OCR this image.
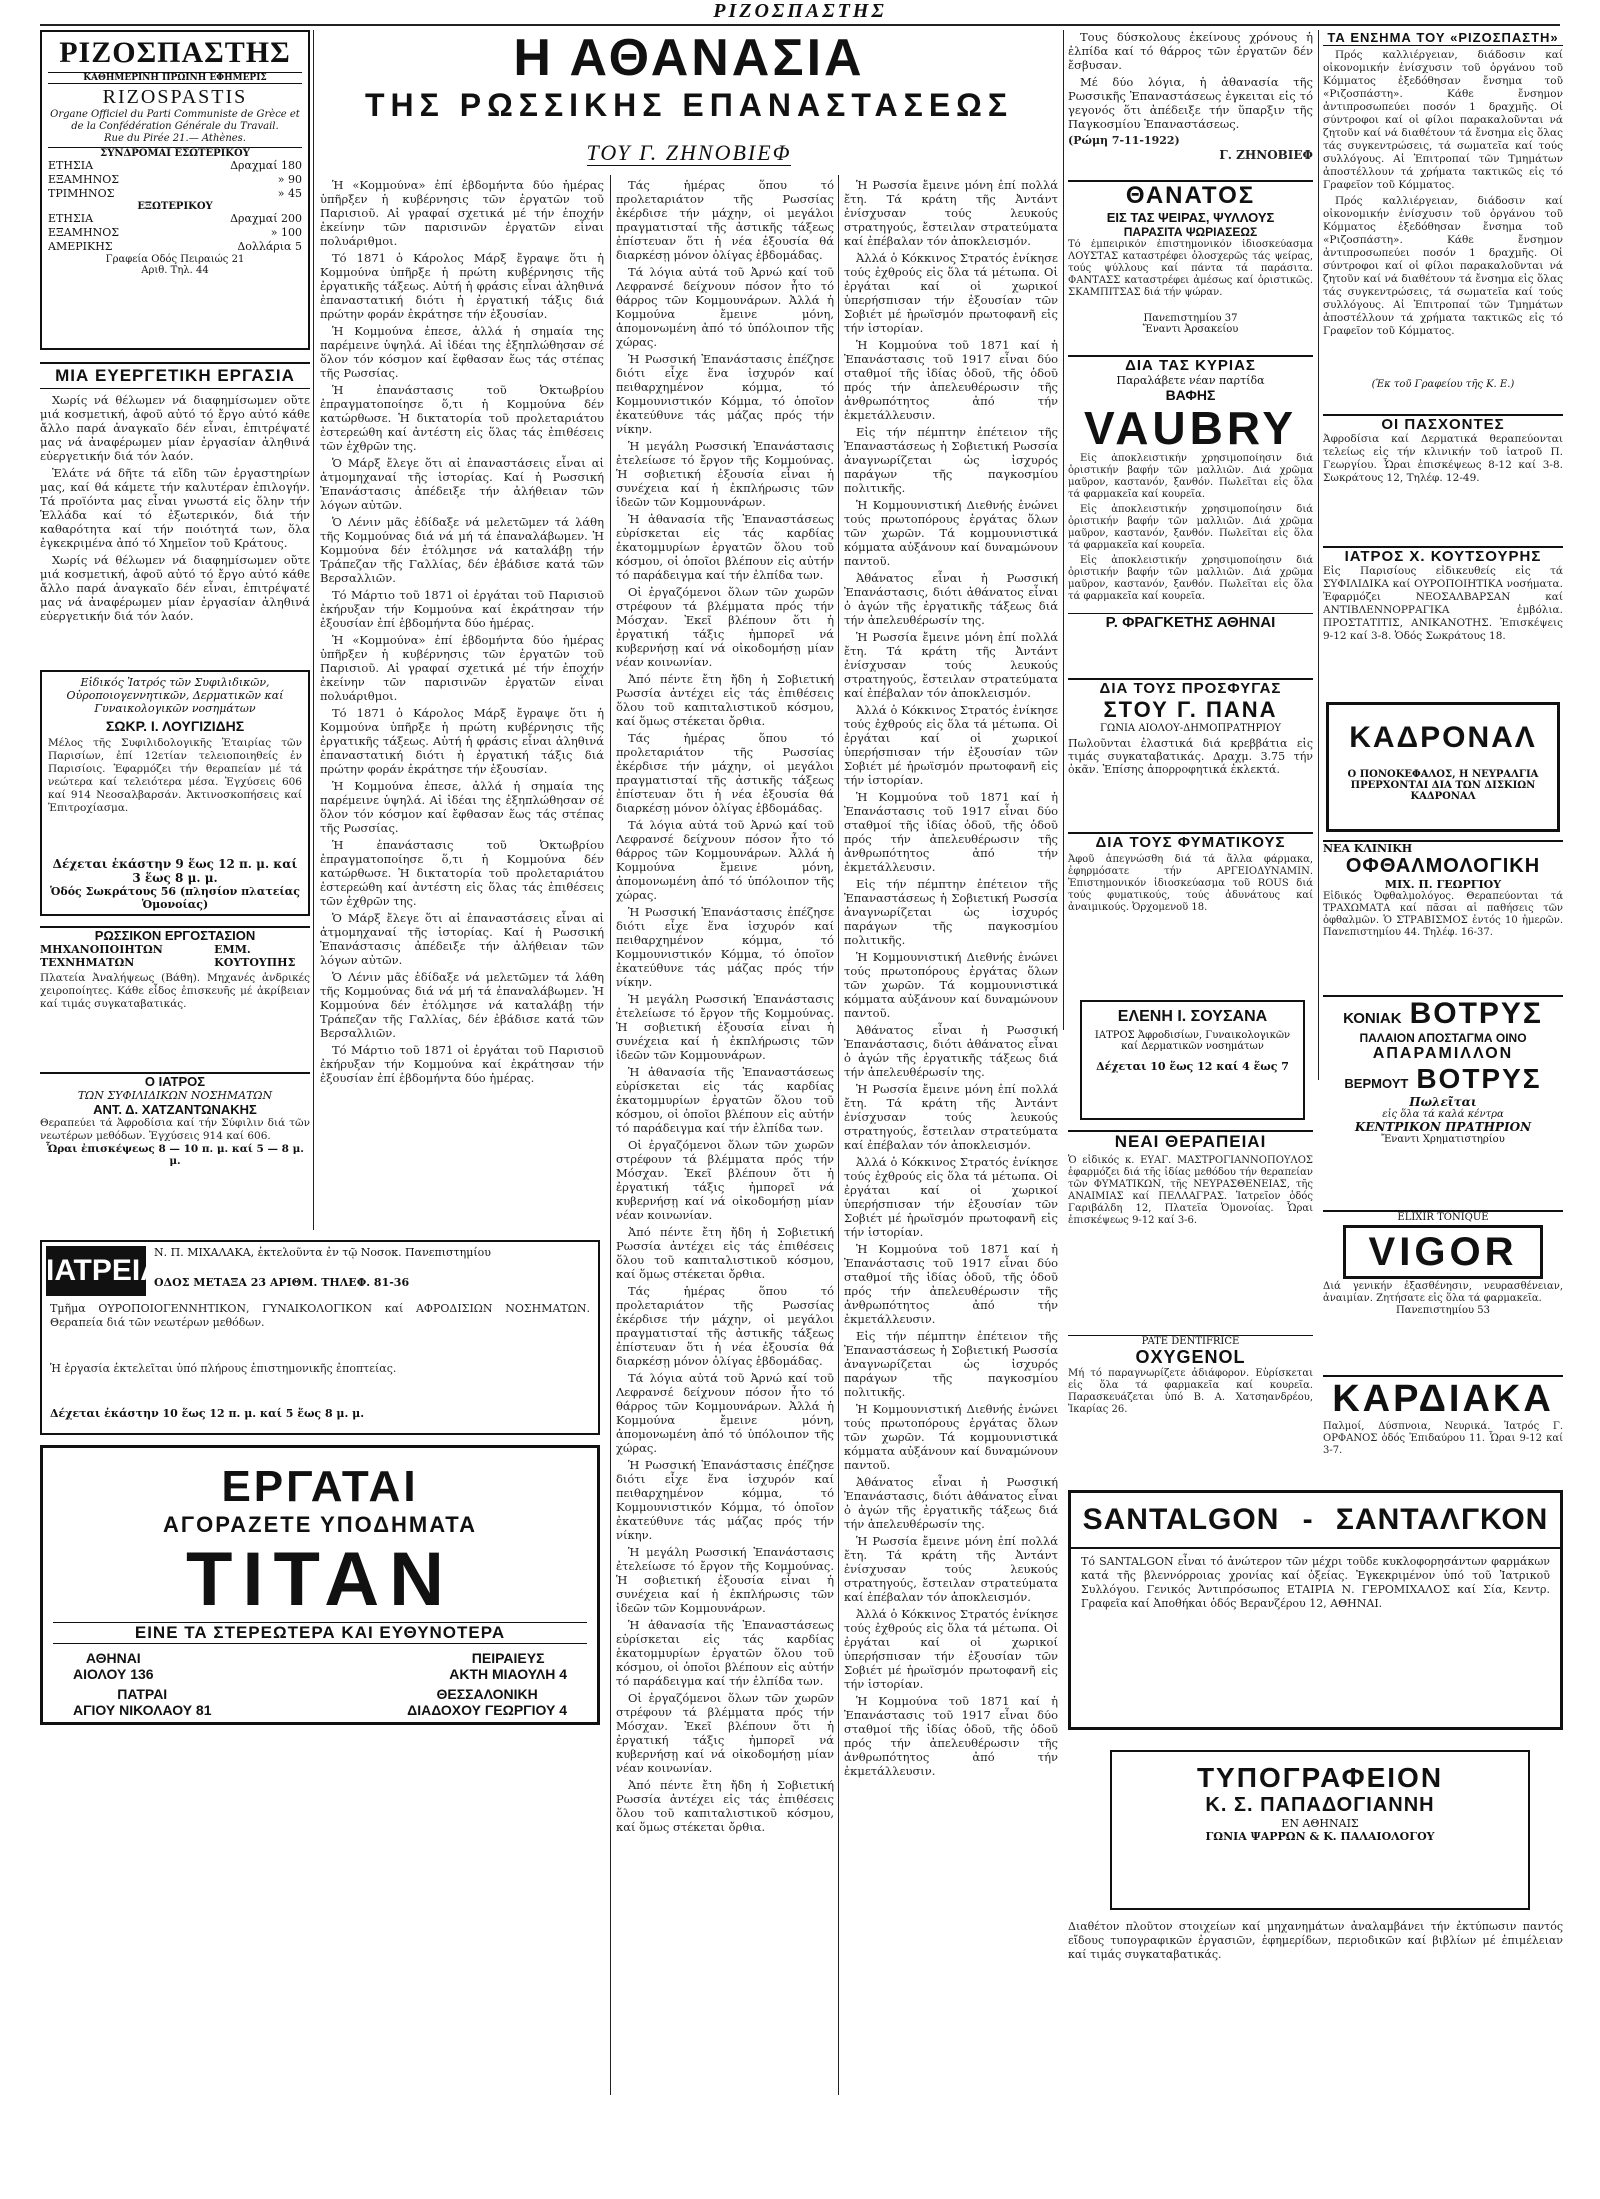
ΡΙΖΟΣΠΑΣΤΗΣ
ΡΙΖΟΣΠΑΣΤΗΣ
ΚΑΘΗΜΕΡΙΝΗ ΠΡΩΙΝΗ ΕΦΗΜΕΡΙΣ
RIZOSPASTIS
Organe Officiel du Parti Communiste de Grèce et de la Confédération Générale du Travail.
Rue du Pirée 21.— Athènes.
ΣΥΝΔΡΟΜΑΙ ΕΣΩΤΕΡΙΚΟΥ
ΕΤΗΣΙΑ	Δραχμαί 180
ΕΞΑΜΗΝΟΣ	» 90
ΤΡΙΜΗΝΟΣ	» 45
ΕΞΩΤΕΡΙΚΟΥ
ΕΤΗΣΙΑ	Δραχμαί 200
ΕΞΑΜΗΝΟΣ	» 100
ΑΜΕΡΙΚΗΣ	Δολλάρια 5
Γραφεία Οδός Πειραιώς 21
Αριθ. Τηλ. 44
ΜΙΑ ΕΥΕΡΓΕΤΙΚΗ ΕΡΓΑΣΙΑ

Χωρίς νά θέλωμεν νά διαφημίσωμεν οὔτε μιά κοσμετική, ἀφοῦ αὐτό τό ἔργο αὐτό κάθε ἄλλο παρά ἀναγκαῖο δέν εἶναι, ἐπιτρέψατέ μας νά ἀναφέρωμεν μίαν ἐργασίαν ἀληθινά εὐεργετικήν διά τόν λαόν.

Ἐλάτε νά δῆτε τά εἴδη τῶν ἐργαστηρίων μας, καί θά κάμετε τήν καλυτέραν ἐπιλογήν. Τά προϊόντα μας εἶναι γνωστά εἰς ὅλην τήν Ἑλλάδα καί τό ἐξωτερικόν, διά τήν καθαρότητα καί τήν ποιότητά των, ὅλα ἐγκεκριμένα ἀπό τό Χημεῖον τοῦ Κράτους.

Χωρίς νά θέλωμεν νά διαφημίσωμεν οὔτε μιά κοσμετική, ἀφοῦ αὐτό τό ἔργο αὐτό κάθε ἄλλο παρά ἀναγκαῖο δέν εἶναι, ἐπιτρέψατέ μας νά ἀναφέρωμεν μίαν ἐργασίαν ἀληθινά εὐεργετικήν διά τόν λαόν.

Εἰδικός Ἰατρός τῶν Συφιλιδικῶν, Οὐροποιογεννητικῶν, Δερματικῶν καί Γυναικολογικῶν νοσημάτων
ΣΩΚΡ. Ι. ΛΟΥΓΙΖΙΔΗΣ
Μέλος τῆς Συφιλιδολογικῆς Ἑταιρίας τῶν Παρισίων, ἐπί 12ετίαν τελειοποιηθείς ἐν Παρισίοις. Ἐφαρμόζει τήν θεραπείαν μέ τά νεώτερα καί τελειότερα μέσα. Ἐγχύσεις 606 καί 914 Νεοσαλβαρσάν. Ἀκτινοσκοπήσεις καί Ἐπιτροχίασμα.
Δέχεται ἑκάστην 9 ἕως 12 π. μ. καί 3 ἕως 8 μ. μ.
Ὁδός Σωκράτους 56 (πλησίον πλατείας Ὁμονοίας)
ΡΩΣΣΙΚΟΝ ΕΡΓΟΣΤΑΣΙΟΝ
ΜΗΧΑΝΟΠΟΙΗΤΩΝ ΤΕΧΝΗΜΑΤΩΝ
ΕΜΜ. ΚΟΥΤΟΥΠΗΣ
Πλατεία Ἀναλήψεως (Βάθη). Μηχανές ἀνδρικές χειροποίητες. Κάθε εἶδος ἐπισκευῆς μέ ἀκρίβειαν καί τιμάς συγκαταβατικάς.
Ο ΙΑΤΡΟΣ
ΤΩΝ ΣΥΦΙΛΙΔΙΚΩΝ ΝΟΣΗΜΑΤΩΝ
ΑΝΤ. Δ. ΧΑΤΖΑΝΤΩΝΑΚΗΣ
Θεραπεύει τά Ἀφροδίσια καί τήν Σύφιλιν διά τῶν νεωτέρων μεθόδων. Ἐγχύσεις 914 καί 606.
Ὧραι ἐπισκέψεως 8 — 10 π. μ. καί 5 — 8 μ. μ.
ΙΑΤΡΕΙΑ
Ν. Π. ΜΙΧΑΛΑΚΑ, ἐκτελοῦντα ἐν τῷ Νοσοκ. Πανεπιστημίου
ΟΔΟΣ ΜΕΤΑΞΑ 23 ΑΡΙΘΜ. ΤΗΛΕΦ. 81-36
Τμῆμα ΟΥΡΟΠΟΙΟΓΕΝΝΗΤΙΚΟΝ, ΓΥΝΑΙΚΟΛΟΓΙΚΟΝ καί ΑΦΡΟΔΙΣΙΩΝ ΝΟΣΗΜΑΤΩΝ. Θεραπεία διά τῶν νεωτέρων μεθόδων.
Ἡ ἐργασία ἐκτελεῖται ὑπό πλήρους ἐπιστημονικῆς ἐποπτείας.
Δέχεται ἑκάστην 10 ἕως 12 π. μ. καί 5 ἕως 8 μ. μ.
ΕΡΓΑΤΑΙ
ΑΓΟΡΑΖΕΤΕ ΥΠΟΔΗΜΑΤΑ
TITAN
ΕΙΝΕ ΤΑ ΣΤΕΡΕΩΤΕΡΑ ΚΑΙ ΕΥΘΥΝΟΤΕΡΑ
ΑΘΗΝΑΙ
ΑΙΟΛΟΥ 136
ΠΕΙΡΑΙΕΥΣ
ΑΚΤΗ ΜΙΑΟΥΛΗ 4
ΠΑΤΡΑΙ
ΑΓΙΟΥ ΝΙΚΟΛΑΟΥ 81
ΘΕΣΣΑΛΟΝΙΚΗ
ΔΙΑΔΟΧΟΥ ΓΕΩΡΓΙΟΥ 4
Η ΑΘΑΝΑΣΙΑ
ΤΗΣ ΡΩΣΣΙΚΗΣ ΕΠΑΝΑΣΤΑΣΕΩΣ
ΤΟΥ Γ. ΖΗΝΟΒΙΕΦ

Ἡ «Κομμούνα» ἐπί ἑβδομήντα δύο ἡμέρας ὑπῆρξεν ἡ κυβέρνησις τῶν ἐργατῶν τοῦ Παρισιοῦ. Αἱ γραφαί σχετικά μέ τήν ἐποχήν ἐκείνην τῶν παρισινῶν ἐργατῶν εἶναι πολυάριθμοι.

Τό 1871 ὁ Κάρολος Μάρξ ἔγραψε ὅτι ἡ Κομμούνα ὑπῆρξε ἡ πρώτη κυβέρνησις τῆς ἐργατικῆς τάξεως. Αὐτή ἡ φράσις εἶναι ἀληθινά ἐπαναστατική διότι ἡ ἐργατική τάξις διά πρώτην φοράν ἐκράτησε τήν ἐξουσίαν.

Ἡ Κομμούνα ἐπεσε, ἀλλά ἡ σημαία της παρέμεινε ὑψηλά. Αἱ ἰδέαι της ἐξηπλώθησαν σέ ὅλον τόν κόσμον καί ἔφθασαν ἕως τάς στέπας τῆς Ρωσσίας.

Ἡ ἐπανάστασις τοῦ Ὀκτωβρίου ἐπραγματοποίησε ὅ,τι ἡ Κομμούνα δέν κατώρθωσε. Ἡ δικτατορία τοῦ προλεταριάτου ἐστερεώθη καί ἀντέστη εἰς ὅλας τάς ἐπιθέσεις τῶν ἐχθρῶν της.

Ὁ Μάρξ ἔλεγε ὅτι αἱ ἐπαναστάσεις εἶναι αἱ ἀτμομηχαναί τῆς ἱστορίας. Καί ἡ Ρωσσική Ἐπανάστασις ἀπέδειξε τήν ἀλήθειαν τῶν λόγων αὐτῶν.

Ὁ Λένιν μᾶς ἐδίδαξε νά μελετῶμεν τά λάθη τῆς Κομμούνας διά νά μή τά ἐπαναλάβωμεν. Ἡ Κομμούνα δέν ἐτόλμησε νά καταλάβῃ τήν Τράπεζαν τῆς Γαλλίας, δέν ἐβάδισε κατά τῶν Βερσαλλιῶν.

Τό Μάρτιο τοῦ 1871 οἱ ἐργάται τοῦ Παρισιοῦ ἐκήρυξαν τήν Κομμούνα καί ἐκράτησαν τήν ἐξουσίαν ἐπί ἑβδομήντα δύο ἡμέρας.

Ἡ «Κομμούνα» ἐπί ἑβδομήντα δύο ἡμέρας ὑπῆρξεν ἡ κυβέρνησις τῶν ἐργατῶν τοῦ Παρισιοῦ. Αἱ γραφαί σχετικά μέ τήν ἐποχήν ἐκείνην τῶν παρισινῶν ἐργατῶν εἶναι πολυάριθμοι.

Τό 1871 ὁ Κάρολος Μάρξ ἔγραψε ὅτι ἡ Κομμούνα ὑπῆρξε ἡ πρώτη κυβέρνησις τῆς ἐργατικῆς τάξεως. Αὐτή ἡ φράσις εἶναι ἀληθινά ἐπαναστατική διότι ἡ ἐργατική τάξις διά πρώτην φοράν ἐκράτησε τήν ἐξουσίαν.

Ἡ Κομμούνα ἐπεσε, ἀλλά ἡ σημαία της παρέμεινε ὑψηλά. Αἱ ἰδέαι της ἐξηπλώθησαν σέ ὅλον τόν κόσμον καί ἔφθασαν ἕως τάς στέπας τῆς Ρωσσίας.

Ἡ ἐπανάστασις τοῦ Ὀκτωβρίου ἐπραγματοποίησε ὅ,τι ἡ Κομμούνα δέν κατώρθωσε. Ἡ δικτατορία τοῦ προλεταριάτου ἐστερεώθη καί ἀντέστη εἰς ὅλας τάς ἐπιθέσεις τῶν ἐχθρῶν της.

Ὁ Μάρξ ἔλεγε ὅτι αἱ ἐπαναστάσεις εἶναι αἱ ἀτμομηχαναί τῆς ἱστορίας. Καί ἡ Ρωσσική Ἐπανάστασις ἀπέδειξε τήν ἀλήθειαν τῶν λόγων αὐτῶν.

Ὁ Λένιν μᾶς ἐδίδαξε νά μελετῶμεν τά λάθη τῆς Κομμούνας διά νά μή τά ἐπαναλάβωμεν. Ἡ Κομμούνα δέν ἐτόλμησε νά καταλάβῃ τήν Τράπεζαν τῆς Γαλλίας, δέν ἐβάδισε κατά τῶν Βερσαλλιῶν.

Τό Μάρτιο τοῦ 1871 οἱ ἐργάται τοῦ Παρισιοῦ ἐκήρυξαν τήν Κομμούνα καί ἐκράτησαν τήν ἐξουσίαν ἐπί ἑβδομήντα δύο ἡμέρας.

Τάς ἡμέρας ὅπου τό προλεταριάτον τῆς Ρωσσίας ἐκέρδισε τήν μάχην, οἱ μεγάλοι πραγματισταί τῆς ἀστικῆς τάξεως ἐπίστευαν ὅτι ἡ νέα ἐξουσία θά διαρκέσῃ μόνον ὀλίγας ἑβδομάδας.

Τά λόγια αὐτά τοῦ Ἀρνώ καί τοῦ Λεφρανσέ δείχνουν πόσον ἦτο τό θάρρος τῶν Κομμουνάρων. Ἀλλά ἡ Κομμούνα ἔμεινε μόνη, ἀπομονωμένη ἀπό τό ὑπόλοιπον τῆς χώρας.

Ἡ Ρωσσική Ἐπανάστασις ἐπέζησε διότι εἶχε ἕνα ἰσχυρόν καί πειθαρχημένον κόμμα, τό Κομμουνιστικόν Κόμμα, τό ὁποῖον ἐκατεύθυνε τάς μάζας πρός τήν νίκην.

Ἡ μεγάλη Ρωσσική Ἐπανάστασις ἐτελείωσε τό ἔργον τῆς Κομμούνας. Ἡ σοβιετική ἐξουσία εἶναι ἡ συνέχεια καί ἡ ἐκπλήρωσις τῶν ἰδεῶν τῶν Κομμουνάρων.

Ἡ ἀθανασία τῆς Ἐπαναστάσεως εὑρίσκεται εἰς τάς καρδίας ἑκατομμυρίων ἐργατῶν ὅλου τοῦ κόσμου, οἱ ὁποῖοι βλέπουν εἰς αὐτήν τό παράδειγμα καί τήν ἐλπίδα των.

Οἱ ἐργαζόμενοι ὅλων τῶν χωρῶν στρέφουν τά βλέμματα πρός τήν Μόσχαν. Ἐκεῖ βλέπουν ὅτι ἡ ἐργατική τάξις ἠμπορεῖ νά κυβερνήσῃ καί νά οἰκοδομήσῃ μίαν νέαν κοινωνίαν.

Ἀπό πέντε ἔτη ἤδη ἡ Σοβιετική Ρωσσία ἀντέχει εἰς τάς ἐπιθέσεις ὅλου τοῦ καπιταλιστικοῦ κόσμου, καί ὅμως στέκεται ὄρθια.

Τάς ἡμέρας ὅπου τό προλεταριάτον τῆς Ρωσσίας ἐκέρδισε τήν μάχην, οἱ μεγάλοι πραγματισταί τῆς ἀστικῆς τάξεως ἐπίστευαν ὅτι ἡ νέα ἐξουσία θά διαρκέσῃ μόνον ὀλίγας ἑβδομάδας.

Τά λόγια αὐτά τοῦ Ἀρνώ καί τοῦ Λεφρανσέ δείχνουν πόσον ἦτο τό θάρρος τῶν Κομμουνάρων. Ἀλλά ἡ Κομμούνα ἔμεινε μόνη, ἀπομονωμένη ἀπό τό ὑπόλοιπον τῆς χώρας.

Ἡ Ρωσσική Ἐπανάστασις ἐπέζησε διότι εἶχε ἕνα ἰσχυρόν καί πειθαρχημένον κόμμα, τό Κομμουνιστικόν Κόμμα, τό ὁποῖον ἐκατεύθυνε τάς μάζας πρός τήν νίκην.

Ἡ μεγάλη Ρωσσική Ἐπανάστασις ἐτελείωσε τό ἔργον τῆς Κομμούνας. Ἡ σοβιετική ἐξουσία εἶναι ἡ συνέχεια καί ἡ ἐκπλήρωσις τῶν ἰδεῶν τῶν Κομμουνάρων.

Ἡ ἀθανασία τῆς Ἐπαναστάσεως εὑρίσκεται εἰς τάς καρδίας ἑκατομμυρίων ἐργατῶν ὅλου τοῦ κόσμου, οἱ ὁποῖοι βλέπουν εἰς αὐτήν τό παράδειγμα καί τήν ἐλπίδα των.

Οἱ ἐργαζόμενοι ὅλων τῶν χωρῶν στρέφουν τά βλέμματα πρός τήν Μόσχαν. Ἐκεῖ βλέπουν ὅτι ἡ ἐργατική τάξις ἠμπορεῖ νά κυβερνήσῃ καί νά οἰκοδομήσῃ μίαν νέαν κοινωνίαν.

Ἀπό πέντε ἔτη ἤδη ἡ Σοβιετική Ρωσσία ἀντέχει εἰς τάς ἐπιθέσεις ὅλου τοῦ καπιταλιστικοῦ κόσμου, καί ὅμως στέκεται ὄρθια.

Τάς ἡμέρας ὅπου τό προλεταριάτον τῆς Ρωσσίας ἐκέρδισε τήν μάχην, οἱ μεγάλοι πραγματισταί τῆς ἀστικῆς τάξεως ἐπίστευαν ὅτι ἡ νέα ἐξουσία θά διαρκέσῃ μόνον ὀλίγας ἑβδομάδας.

Τά λόγια αὐτά τοῦ Ἀρνώ καί τοῦ Λεφρανσέ δείχνουν πόσον ἦτο τό θάρρος τῶν Κομμουνάρων. Ἀλλά ἡ Κομμούνα ἔμεινε μόνη, ἀπομονωμένη ἀπό τό ὑπόλοιπον τῆς χώρας.

Ἡ Ρωσσική Ἐπανάστασις ἐπέζησε διότι εἶχε ἕνα ἰσχυρόν καί πειθαρχημένον κόμμα, τό Κομμουνιστικόν Κόμμα, τό ὁποῖον ἐκατεύθυνε τάς μάζας πρός τήν νίκην.

Ἡ μεγάλη Ρωσσική Ἐπανάστασις ἐτελείωσε τό ἔργον τῆς Κομμούνας. Ἡ σοβιετική ἐξουσία εἶναι ἡ συνέχεια καί ἡ ἐκπλήρωσις τῶν ἰδεῶν τῶν Κομμουνάρων.

Ἡ ἀθανασία τῆς Ἐπαναστάσεως εὑρίσκεται εἰς τάς καρδίας ἑκατομμυρίων ἐργατῶν ὅλου τοῦ κόσμου, οἱ ὁποῖοι βλέπουν εἰς αὐτήν τό παράδειγμα καί τήν ἐλπίδα των.

Οἱ ἐργαζόμενοι ὅλων τῶν χωρῶν στρέφουν τά βλέμματα πρός τήν Μόσχαν. Ἐκεῖ βλέπουν ὅτι ἡ ἐργατική τάξις ἠμπορεῖ νά κυβερνήσῃ καί νά οἰκοδομήσῃ μίαν νέαν κοινωνίαν.

Ἀπό πέντε ἔτη ἤδη ἡ Σοβιετική Ρωσσία ἀντέχει εἰς τάς ἐπιθέσεις ὅλου τοῦ καπιταλιστικοῦ κόσμου, καί ὅμως στέκεται ὄρθια.

Ἡ Ρωσσία ἔμεινε μόνη ἐπί πολλά ἔτη. Τά κράτη τῆς Ἀντάντ ἐνίσχυσαν τούς λευκούς στρατηγούς, ἔστειλαν στρατεύματα καί ἐπέβαλαν τόν ἀποκλεισμόν.

Ἀλλά ὁ Κόκκινος Στρατός ἐνίκησε τούς ἐχθρούς εἰς ὅλα τά μέτωπα. Οἱ ἐργάται καί οἱ χωρικοί ὑπερήσπισαν τήν ἐξουσίαν τῶν Σοβιέτ μέ ἡρωϊσμόν πρωτοφανῆ εἰς τήν ἱστορίαν.

Ἡ Κομμούνα τοῦ 1871 καί ἡ Ἐπανάστασις τοῦ 1917 εἶναι δύο σταθμοί τῆς ἰδίας ὁδοῦ, τῆς ὁδοῦ πρός τήν ἀπελευθέρωσιν τῆς ἀνθρωπότητος ἀπό τήν ἐκμετάλλευσιν.

Εἰς τήν πέμπτην ἐπέτειον τῆς Ἐπαναστάσεως ἡ Σοβιετική Ρωσσία ἀναγνωρίζεται ὡς ἰσχυρός παράγων τῆς παγκοσμίου πολιτικῆς.

Ἡ Κομμουνιστική Διεθνής ἑνώνει τούς πρωτοπόρους ἐργάτας ὅλων τῶν χωρῶν. Τά κομμουνιστικά κόμματα αὐξάνουν καί δυναμώνουν παντοῦ.

Ἀθάνατος εἶναι ἡ Ρωσσική Ἐπανάστασις, διότι ἀθάνατος εἶναι ὁ ἀγών τῆς ἐργατικῆς τάξεως διά τήν ἀπελευθέρωσίν της.

Ἡ Ρωσσία ἔμεινε μόνη ἐπί πολλά ἔτη. Τά κράτη τῆς Ἀντάντ ἐνίσχυσαν τούς λευκούς στρατηγούς, ἔστειλαν στρατεύματα καί ἐπέβαλαν τόν ἀποκλεισμόν.

Ἀλλά ὁ Κόκκινος Στρατός ἐνίκησε τούς ἐχθρούς εἰς ὅλα τά μέτωπα. Οἱ ἐργάται καί οἱ χωρικοί ὑπερήσπισαν τήν ἐξουσίαν τῶν Σοβιέτ μέ ἡρωϊσμόν πρωτοφανῆ εἰς τήν ἱστορίαν.

Ἡ Κομμούνα τοῦ 1871 καί ἡ Ἐπανάστασις τοῦ 1917 εἶναι δύο σταθμοί τῆς ἰδίας ὁδοῦ, τῆς ὁδοῦ πρός τήν ἀπελευθέρωσιν τῆς ἀνθρωπότητος ἀπό τήν ἐκμετάλλευσιν.

Εἰς τήν πέμπτην ἐπέτειον τῆς Ἐπαναστάσεως ἡ Σοβιετική Ρωσσία ἀναγνωρίζεται ὡς ἰσχυρός παράγων τῆς παγκοσμίου πολιτικῆς.

Ἡ Κομμουνιστική Διεθνής ἑνώνει τούς πρωτοπόρους ἐργάτας ὅλων τῶν χωρῶν. Τά κομμουνιστικά κόμματα αὐξάνουν καί δυναμώνουν παντοῦ.

Ἀθάνατος εἶναι ἡ Ρωσσική Ἐπανάστασις, διότι ἀθάνατος εἶναι ὁ ἀγών τῆς ἐργατικῆς τάξεως διά τήν ἀπελευθέρωσίν της.

Ἡ Ρωσσία ἔμεινε μόνη ἐπί πολλά ἔτη. Τά κράτη τῆς Ἀντάντ ἐνίσχυσαν τούς λευκούς στρατηγούς, ἔστειλαν στρατεύματα καί ἐπέβαλαν τόν ἀποκλεισμόν.

Ἀλλά ὁ Κόκκινος Στρατός ἐνίκησε τούς ἐχθρούς εἰς ὅλα τά μέτωπα. Οἱ ἐργάται καί οἱ χωρικοί ὑπερήσπισαν τήν ἐξουσίαν τῶν Σοβιέτ μέ ἡρωϊσμόν πρωτοφανῆ εἰς τήν ἱστορίαν.

Ἡ Κομμούνα τοῦ 1871 καί ἡ Ἐπανάστασις τοῦ 1917 εἶναι δύο σταθμοί τῆς ἰδίας ὁδοῦ, τῆς ὁδοῦ πρός τήν ἀπελευθέρωσιν τῆς ἀνθρωπότητος ἀπό τήν ἐκμετάλλευσιν.

Εἰς τήν πέμπτην ἐπέτειον τῆς Ἐπαναστάσεως ἡ Σοβιετική Ρωσσία ἀναγνωρίζεται ὡς ἰσχυρός παράγων τῆς παγκοσμίου πολιτικῆς.

Ἡ Κομμουνιστική Διεθνής ἑνώνει τούς πρωτοπόρους ἐργάτας ὅλων τῶν χωρῶν. Τά κομμουνιστικά κόμματα αὐξάνουν καί δυναμώνουν παντοῦ.

Ἀθάνατος εἶναι ἡ Ρωσσική Ἐπανάστασις, διότι ἀθάνατος εἶναι ὁ ἀγών τῆς ἐργατικῆς τάξεως διά τήν ἀπελευθέρωσίν της.

Ἡ Ρωσσία ἔμεινε μόνη ἐπί πολλά ἔτη. Τά κράτη τῆς Ἀντάντ ἐνίσχυσαν τούς λευκούς στρατηγούς, ἔστειλαν στρατεύματα καί ἐπέβαλαν τόν ἀποκλεισμόν.

Ἀλλά ὁ Κόκκινος Στρατός ἐνίκησε τούς ἐχθρούς εἰς ὅλα τά μέτωπα. Οἱ ἐργάται καί οἱ χωρικοί ὑπερήσπισαν τήν ἐξουσίαν τῶν Σοβιέτ μέ ἡρωϊσμόν πρωτοφανῆ εἰς τήν ἱστορίαν.

Ἡ Κομμούνα τοῦ 1871 καί ἡ Ἐπανάστασις τοῦ 1917 εἶναι δύο σταθμοί τῆς ἰδίας ὁδοῦ, τῆς ὁδοῦ πρός τήν ἀπελευθέρωσιν τῆς ἀνθρωπότητος ἀπό τήν ἐκμετάλλευσιν.

Τους δύσκολους ἐκείνους χρόνους ἡ ἐλπίδα καί τό θάρρος τῶν ἐργατῶν δέν ἔσβυσαν.

Μέ δύο λόγια, ἡ ἀθανασία τῆς Ρωσσικῆς Ἐπαναστάσεως ἐγκειται εἰς τό γεγονός ὅτι ἀπέδειξε τήν ὕπαρξιν τῆς Παγκοσμίου Ἐπαναστάσεως.

(Ρώμη 7-11-1922)
Γ. ΖΗΝΟΒΙΕΦ
ΘΑΝΑΤΟΣ
ΕΙΣ ΤΑΣ ΨΕΙΡΑΣ, ΨΥΛΛΟΥΣ
ΠΑΡΑΣΙΤΑ ΨΩΡΙΑΣΕΩΣ
Τό ἐμπειρικόν ἐπιστημονικόν ἰδιοσκεύασμα ΛΟΥΣΤΑΣ καταστρέφει ὁλοσχερῶς τάς ψείρας, τούς ψύλλους καί πάντα τά παράσιτα. ΦΑΝΤΑΣΣ καταστρέφει ἀμέσως καί ὁριστικῶς. ΣΚΑΜΠΙΤΣΑΣ διά τήν ψώραν.
Πανεπιστημίου 37
Ἔναντι Ἀρσακείου
ΔΙΑ ΤΑΣ ΚΥΡΙΑΣ
Παραλάβετε νέαν παρτίδα
ΒΑΦΗΣ
VAUBRY

Εἰς ἀποκλειστικήν χρησιμοποίησιν διά ὁριστικήν βαφήν τῶν μαλλιῶν. Διά χρῶμα μαῦρον, καστανόν, ξανθόν. Πωλεῖται εἰς ὅλα τά φαρμακεῖα καί κουρεῖα.

Εἰς ἀποκλειστικήν χρησιμοποίησιν διά ὁριστικήν βαφήν τῶν μαλλιῶν. Διά χρῶμα μαῦρον, καστανόν, ξανθόν. Πωλεῖται εἰς ὅλα τά φαρμακεῖα καί κουρεῖα.

Εἰς ἀποκλειστικήν χρησιμοποίησιν διά ὁριστικήν βαφήν τῶν μαλλιῶν. Διά χρῶμα μαῦρον, καστανόν, ξανθόν. Πωλεῖται εἰς ὅλα τά φαρμακεῖα καί κουρεῖα.

Ρ. ΦΡΑΓΚΕΤΗΣ ΑΘΗΝΑΙ
ΔΙΑ ΤΟΥΣ ΠΡΟΣΦΥΓΑΣ
ΣΤΟΥ Γ. ΠΑΝΑ
ΓΩΝΙΑ ΑΙΟΛΟΥ-ΔΗΜΟΠΡΑΤΗΡΙΟΥ
Πωλοῦνται ἐλαστικά διά κρεββάτια εἰς τιμάς συγκαταβατικάς. Δραχμ. 3.75 τήν ὀκᾶν. Ἐπίσης ἀπορροφητικά ἐκλεκτά.
ΔΙΑ ΤΟΥΣ ΦΥΜΑΤΙΚΟΥΣ
Ἀφοῦ ἀπεγνώσθη διά τά ἄλλα φάρμακα, ἐφηρμόσατε τήν ΑΡΓΕΙΟΔΥΝΑΜΙΝ. Ἐπιστημονικόν ἰδιοσκεύασμα τοῦ ROUS διά τούς φυματικούς, τούς ἀδυνάτους καί ἀναιμικούς. Ὀρχομενοῦ 18.
ΕΛΕΝΗ Ι. ΣΟΥΣΑΝΑ
ΙΑΤΡΟΣ Ἀφροδισίων, Γυναικολογικῶν
καί Δερματικῶν νοσημάτων
Δέχεται 10 ἕως 12 καί 4 ἕως 7
ΝΕΑΙ ΘΕΡΑΠΕΙΑΙ
Ὁ εἰδικός κ. ΕΥΑΓ. ΜΑΣΤΡΟΓΙΑΝΝΟΠΟΥΛΟΣ ἐφαρμόζει διά τῆς ἰδίας μεθόδου τήν θεραπείαν τῶν ΦΥΜΑΤΙΚΩΝ, τῆς ΝΕΥΡΑΣΘΕΝΕΙΑΣ, τῆς ΑΝΑΙΜΙΑΣ καί ΠΕΛΛΑΓΡΑΣ. Ἰατρεῖον ὁδός Γαριβάλδη 12, Πλατεῖα Ὁμονοίας. Ὧραι ἐπισκέψεως 9-12 καί 3-6.
PATE DENTIFRICE
OXYGENOL
Μή τό παραγνωρίζετε ἀδιάφορον. Εὑρίσκεται εἰς ὅλα τά φαρμακεῖα καί κουρεῖα. Παρασκευάζεται ὑπό Β. Α. Χατσηανδρέου, Ἰκαρίας 26.
ΤΑ ΕΝΣΗΜΑ ΤΟΥ «ΡΙΖΟΣΠΑΣΤΗ»

Πρός καλλιέργειαν, διάδοσιν καί οἰκονομικήν ἐνίσχυσιν τοῦ ὀργάνου τοῦ Κόμματος ἐξεδόθησαν ἔνσημα τοῦ «Ριζοσπάστη». Κάθε ἔνσημον ἀντιπροσωπεύει ποσόν 1 δραχμῆς. Οἱ σύντροφοι καί οἱ φίλοι παρακαλοῦνται νά ζητοῦν καί νά διαθέτουν τά ἔνσημα εἰς ὅλας τάς συγκεντρώσεις, τά σωματεῖα καί τούς συλλόγους. Αἱ Ἐπιτροπαί τῶν Τμημάτων ἀποστέλλουν τά χρήματα τακτικῶς εἰς τό Γραφεῖον τοῦ Κόμματος.

Πρός καλλιέργειαν, διάδοσιν καί οἰκονομικήν ἐνίσχυσιν τοῦ ὀργάνου τοῦ Κόμματος ἐξεδόθησαν ἔνσημα τοῦ «Ριζοσπάστη». Κάθε ἔνσημον ἀντιπροσωπεύει ποσόν 1 δραχμῆς. Οἱ σύντροφοι καί οἱ φίλοι παρακαλοῦνται νά ζητοῦν καί νά διαθέτουν τά ἔνσημα εἰς ὅλας τάς συγκεντρώσεις, τά σωματεῖα καί τούς συλλόγους. Αἱ Ἐπιτροπαί τῶν Τμημάτων ἀποστέλλουν τά χρήματα τακτικῶς εἰς τό Γραφεῖον τοῦ Κόμματος.

(Ἐκ τοῦ Γραφείου τῆς Κ. Ε.)
ΟΙ ΠΑΣΧΟΝΤΕΣ
Ἀφροδίσια καί Δερματικά θεραπεύονται τελείως εἰς τήν κλινικήν τοῦ ἰατροῦ Π. Γεωργίου. Ὧραι ἐπισκέψεως 8-12 καί 3-8. Σωκράτους 12, Τηλέφ. 12-49.
ΙΑΤΡΟΣ Χ. ΚΟΥΤΣΟΥΡΗΣ
Εἰς Παρισίους εἰδικευθείς εἰς τά ΣΥΦΙΛΙΔΙΚΑ καί ΟΥΡΟΠΟΙΗΤΙΚΑ νοσήματα. Ἐφαρμόζει ΝΕΟΣΑΛΒΑΡΣΑΝ καί ΑΝΤΙΒΛΕΝΝΟΡΡΑΓΙΚΑ ἐμβόλια. ΠΡΟΣΤΑΤΙΤΙΣ, ΑΝΙΚΑΝΟΤΗΣ. Ἐπισκέψεις 9-12 καί 3-8. Ὁδός Σωκράτους 18.
ΚΑΔΡΟΝΑΛ
Ο ΠΟΝΟΚΕΦΑΛΟΣ, Η ΝΕΥΡΑΛΓΙΑ
ΠΡΕΡΧΟΝΤΑΙ ΔΙΑ ΤΩΝ ΔΙΣΚΙΩΝ
ΚΑΔΡΟΝΑΛ
ΝΕΑ ΚΛΙΝΙΚΗ
ΟΦΘΑΛΜΟΛΟΓΙΚΗ
ΜΙΧ. Π. ΓΕΩΡΓΙΟΥ
Εἰδικός Ὀφθαλμολόγος. Θεραπεύονται τά ΤΡΑΧΩΜΑΤΑ καί πᾶσαι αἱ παθήσεις τῶν ὀφθαλμῶν. Ὁ ΣΤΡΑΒΙΣΜΟΣ ἐντός 10 ἡμερῶν. Πανεπιστημίου 44. Τηλέφ. 16-37.
ΚΟΝΙΑΚ ΒΟΤΡΥΣ
ΠΑΛΑΙΟΝ ΑΠΟΣΤΑΓΜΑ ΟΙΝΟ
ΑΠΑΡΑΜΙΛΛΟΝ
ΒΕΡΜΟΥΤ ΒΟΤΡΥΣ
Πωλεῖται
εἰς ὅλα τά καλά κέντρα
ΚΕΝΤΡΙΚΟΝ ΠΡΑΤΗΡΙΟΝ
Ἔναντι Χρηματιστηρίου
ELIXIR TONIQUE
VIGOR
Διά γενικήν ἐξασθένησιν, νευρασθένειαν, ἀναιμίαν. Ζητήσατε εἰς ὅλα τά φαρμακεῖα.
Πανεπιστημίου 53
ΚΑΡΔΙΑΚΑ
Παλμοί, Δύσπνοια, Νευρικά. Ἰατρός Γ. ΟΡΦΑΝΟΣ ὁδός Ἐπιδαύρου 11. Ὧραι 9-12 καί 3-7.
SANTALGON - ΣΑΝΤΑΛΓΚΟΝ
Τό SANTALGON εἶναι τό ἀνώτερον τῶν μέχρι τοῦδε κυκλοφορησάντων φαρμάκων κατά τῆς βλεννόρροιας χρονίας καί ὀξείας. Ἐγκεκριμένον ὑπό τοῦ Ἰατρικοῦ Συλλόγου. Γενικός Ἀντιπρόσωπος ΕΤΑΙΡΙΑ Ν. ΓΕΡΟΜΙΧΑΛΟΣ καί Σία, Κεντρ. Γραφεῖα καί Ἀποθήκαι ὁδός Βερανζέρου 12, ΑΘΗΝΑΙ.
ΤΥΠΟΓΡΑΦΕΙΟΝ
Κ. Σ. ΠΑΠΑΔΟΓΙΑΝΝΗ
ΕΝ ΑΘΗΝΑΙΣ
ΓΩΝΙΑ ΨΑΡΡΩΝ & Κ. ΠΑΛΑΙΟΛΟΓΟΥ
Διαθέτον πλοῦτον στοιχείων καί μηχανημάτων ἀναλαμβάνει τήν ἐκτύπωσιν παντός εἴδους τυπογραφικῶν ἐργασιῶν, ἐφημερίδων, περιοδικῶν καί βιβλίων μέ ἐπιμέλειαν καί τιμάς συγκαταβατικάς.
